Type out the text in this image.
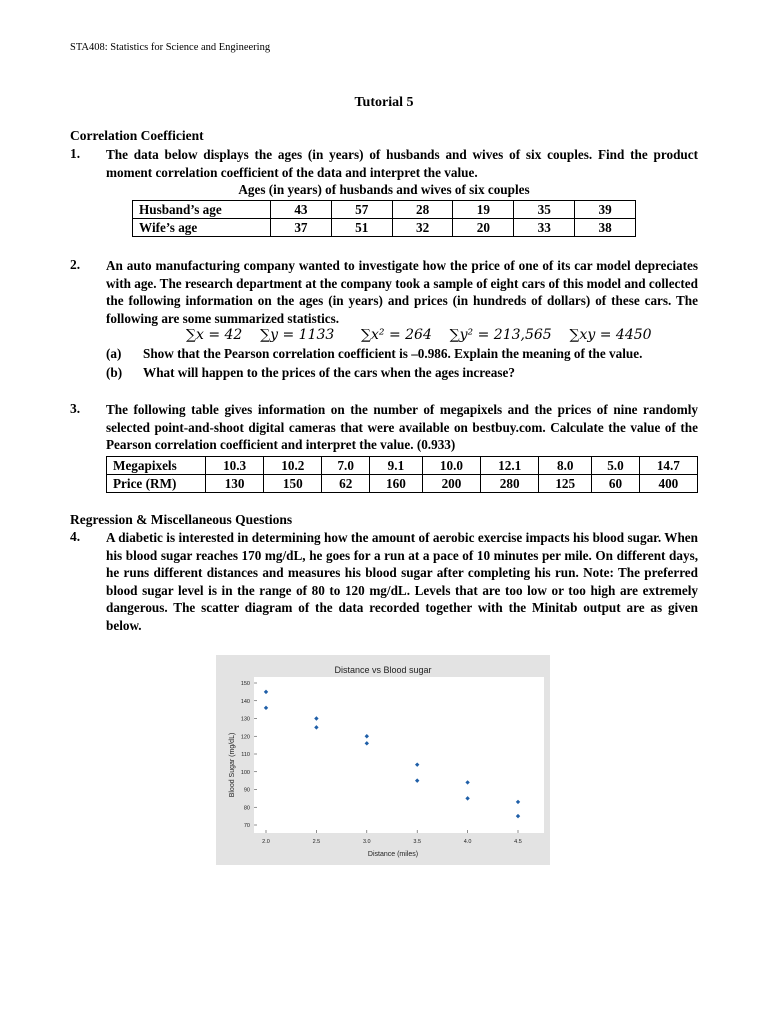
STA408: Statistics for Science and Engineering
Tutorial 5
Correlation Coefficient
1. The data below displays the ages (in years) of husbands and wives of six couples. Find the product moment correlation coefficient of the data and interpret the value.
Ages (in years) of husbands and wives of six couples
Husband’s age	43	57	28	19	35	39
Wife’s age	37	51	32	20	33	38
2. An auto manufacturing company wanted to investigate how the price of one of its car model depreciates with age. The research department at the company took a sample of eight cars of this model and collected the following information on the ages (in years) and prices (in hundreds of dollars) of these cars. The following are some summarized statistics.
∑x = 42    ∑y = 1133      ∑x² = 264    ∑y² = 213,565    ∑xy = 4450
(a) Show that the Pearson correlation coefficient is –0.986. Explain the meaning of the value.
(b) What will happen to the prices of the cars when the ages increase?
3. The following table gives information on the number of megapixels and the prices of nine randomly selected point-and-shoot digital cameras that were available on bestbuy.com. Calculate the value of the Pearson correlation coefficient and interpret the value. (0.933)
Megapixels	10.3	10.2	7.0	9.1	10.0	12.1	8.0	5.0	14.7
Price (RM)	130	150	62	160	200	280	125	60	400
Regression & Miscellaneous Questions
4. A diabetic is interested in determining how the amount of aerobic exercise impacts his blood sugar. When his blood sugar reaches 170 mg/dL, he goes for a run at a pace of 10 minutes per mile. On different days, he runs different distances and measures his blood sugar after completing his run. Note: The preferred blood sugar level is in the range of 80 to 120 mg/dL. Levels that are too low or too high are extremely dangerous. The scatter diagram of the data recorded together with the Minitab output are as given below.
Distance vs Blood sugar
Distance (miles)
Blood Sugar (mg/dL)
70
80
90
100
110
120
130
140
150
2.0	2.5	3.0	3.5	4.0	4.5
